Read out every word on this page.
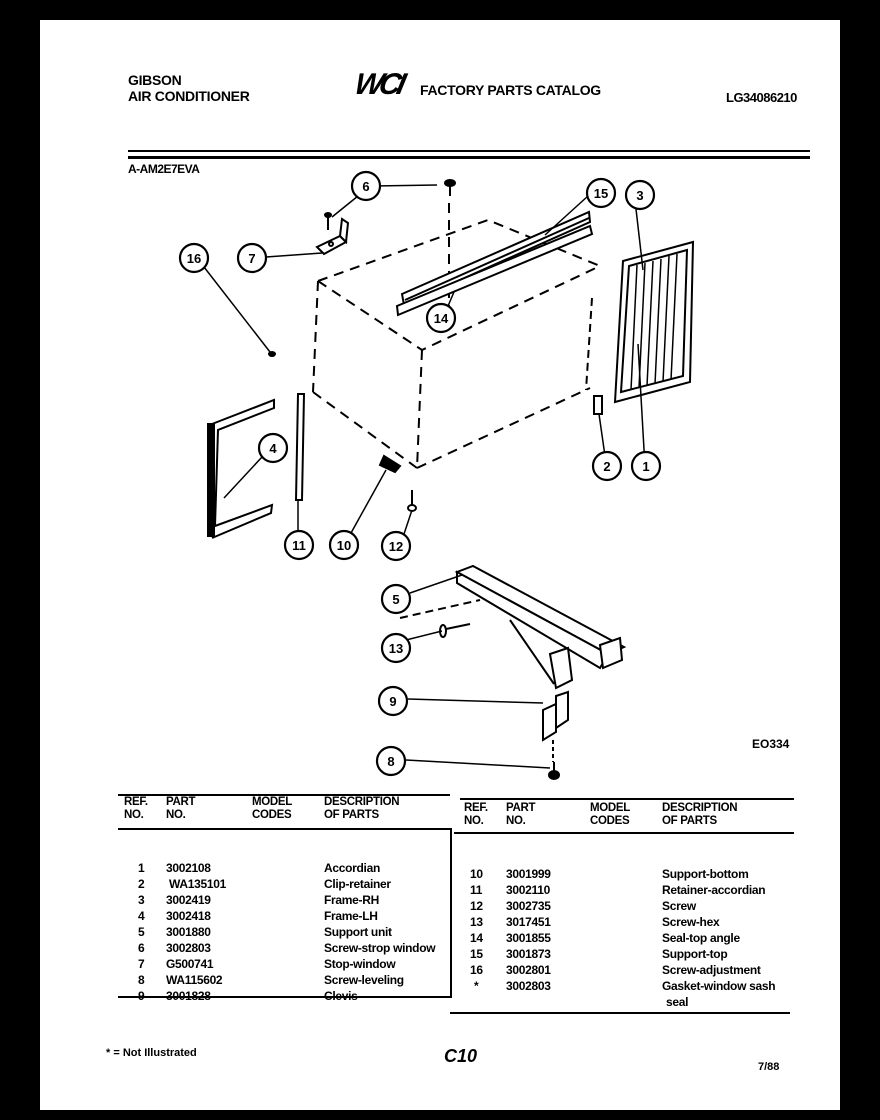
GIBSON
AIR CONDITIONER	WCI FACTORY PARTS CATALOG	LG34086210
A-AM2E7EVA
6
7
16
15 3
14
4
2 1
11 10	12
5
13
9
8
EO334
REF.
NO.	PART
NO.	MODEL
CODES	DESCRIPTION
OF PARTS

1	3002108		Accordian
2	WA135101		Clip-retainer
3	3002419		Frame-RH
4	3002418		Frame-LH
5	3001880		Support unit
6	3002803		Screw-strop window
7	G500741		Stop-window
8	WA115602		Screw-leveling
9	3001828		Clevis
REF.
NO.	PART
NO.	MODEL
CODES	DESCRIPTION
OF PARTS

10	3001999		Support-bottom
11	3002110		Retainer-accordian
12	3002735		Screw
13	3017451		Screw-hex
14	3001855		Seal-top angle
15	3001873		Support-top
16	3002801		Screw-adjustment
*	3002803		Gasket-window sash
			seal
* = Not Illustrated	C10
7/88
